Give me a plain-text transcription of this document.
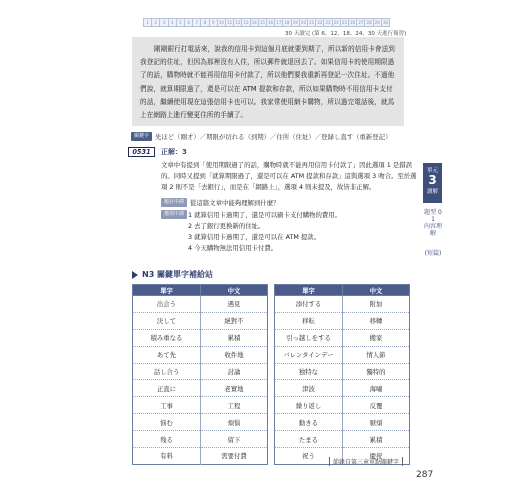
1	2	3	4	5	6	7	8	9	10 11 12 13 14 15 16 17 18 19 20 21 22 23 24 25 26 27 28 29 30
30 天讀完 (第 6、12、18、24、30 天進行複習)

剛剛銀行打電話來，說我的信用卡到這個月底就要到期了，所以新的信用卡會送到我登記的住址，但因為那裡沒有人住，所以郵件就退回去了。如果信用卡的使用期限過了的話，購物時就不能再用信用卡付款了，所以他們要我重新再登記一次住址。不過他們說，就算期限過了，還是可以在 ATM 提款和存款，所以如果購物時不用信用卡支付的話，繼續使用現在這張信用卡也可以。我家常使用網卡購物，所以過完電話後，就馬上在網路上進行變更住所的手續了。

關鍵字 先ほど（剛才）／期限が切れる（到期）／住所（住址）／登録し直す（重新登記）
0531	正解：3
文章中有提到「使用期限過了的話，購物時就不能再用信用卡付款了」因此選項 1 是錯誤的。同時又提到「就算期限過了，還是可以在 ATM 提款和存款」這與選項 3 吻合。至於選項 2 則不是「去銀行」，而是在「網路上」，選項 4 則未提及，故皆非正解。
題目中譯 從這篇文章中能夠理解到什麼？
選項中譯 1 就算信用卡過期了，還是可以刷卡支付購物的費用。
2 去了銀行更換新的住址。
3 就算信用卡過期了，還是可以在 ATM 提款。
4 今天購物無法用信用卡付費。
單元
3
讀解
題型 01
內容理解
(短篇)
N3 關鍵單字補給站
單字	中文
出会う	遇見
決して	絕對不
積み重なる	累積
あて先	收件地
話し合う	討論
正直に	老實地
工事	工程
悩む	煩惱
残る	留下
有料	需要付費
單字	中文
添付する	附加
移転	移轉
引っ越しをする	搬家
バレンタインデー	情人節
独特な	獨特的
津波	海嘯
繰り返し	反覆
動きる	厭煩
たまる	累積
祝う	慶祝
節錄自第三章重點關鍵字
287
